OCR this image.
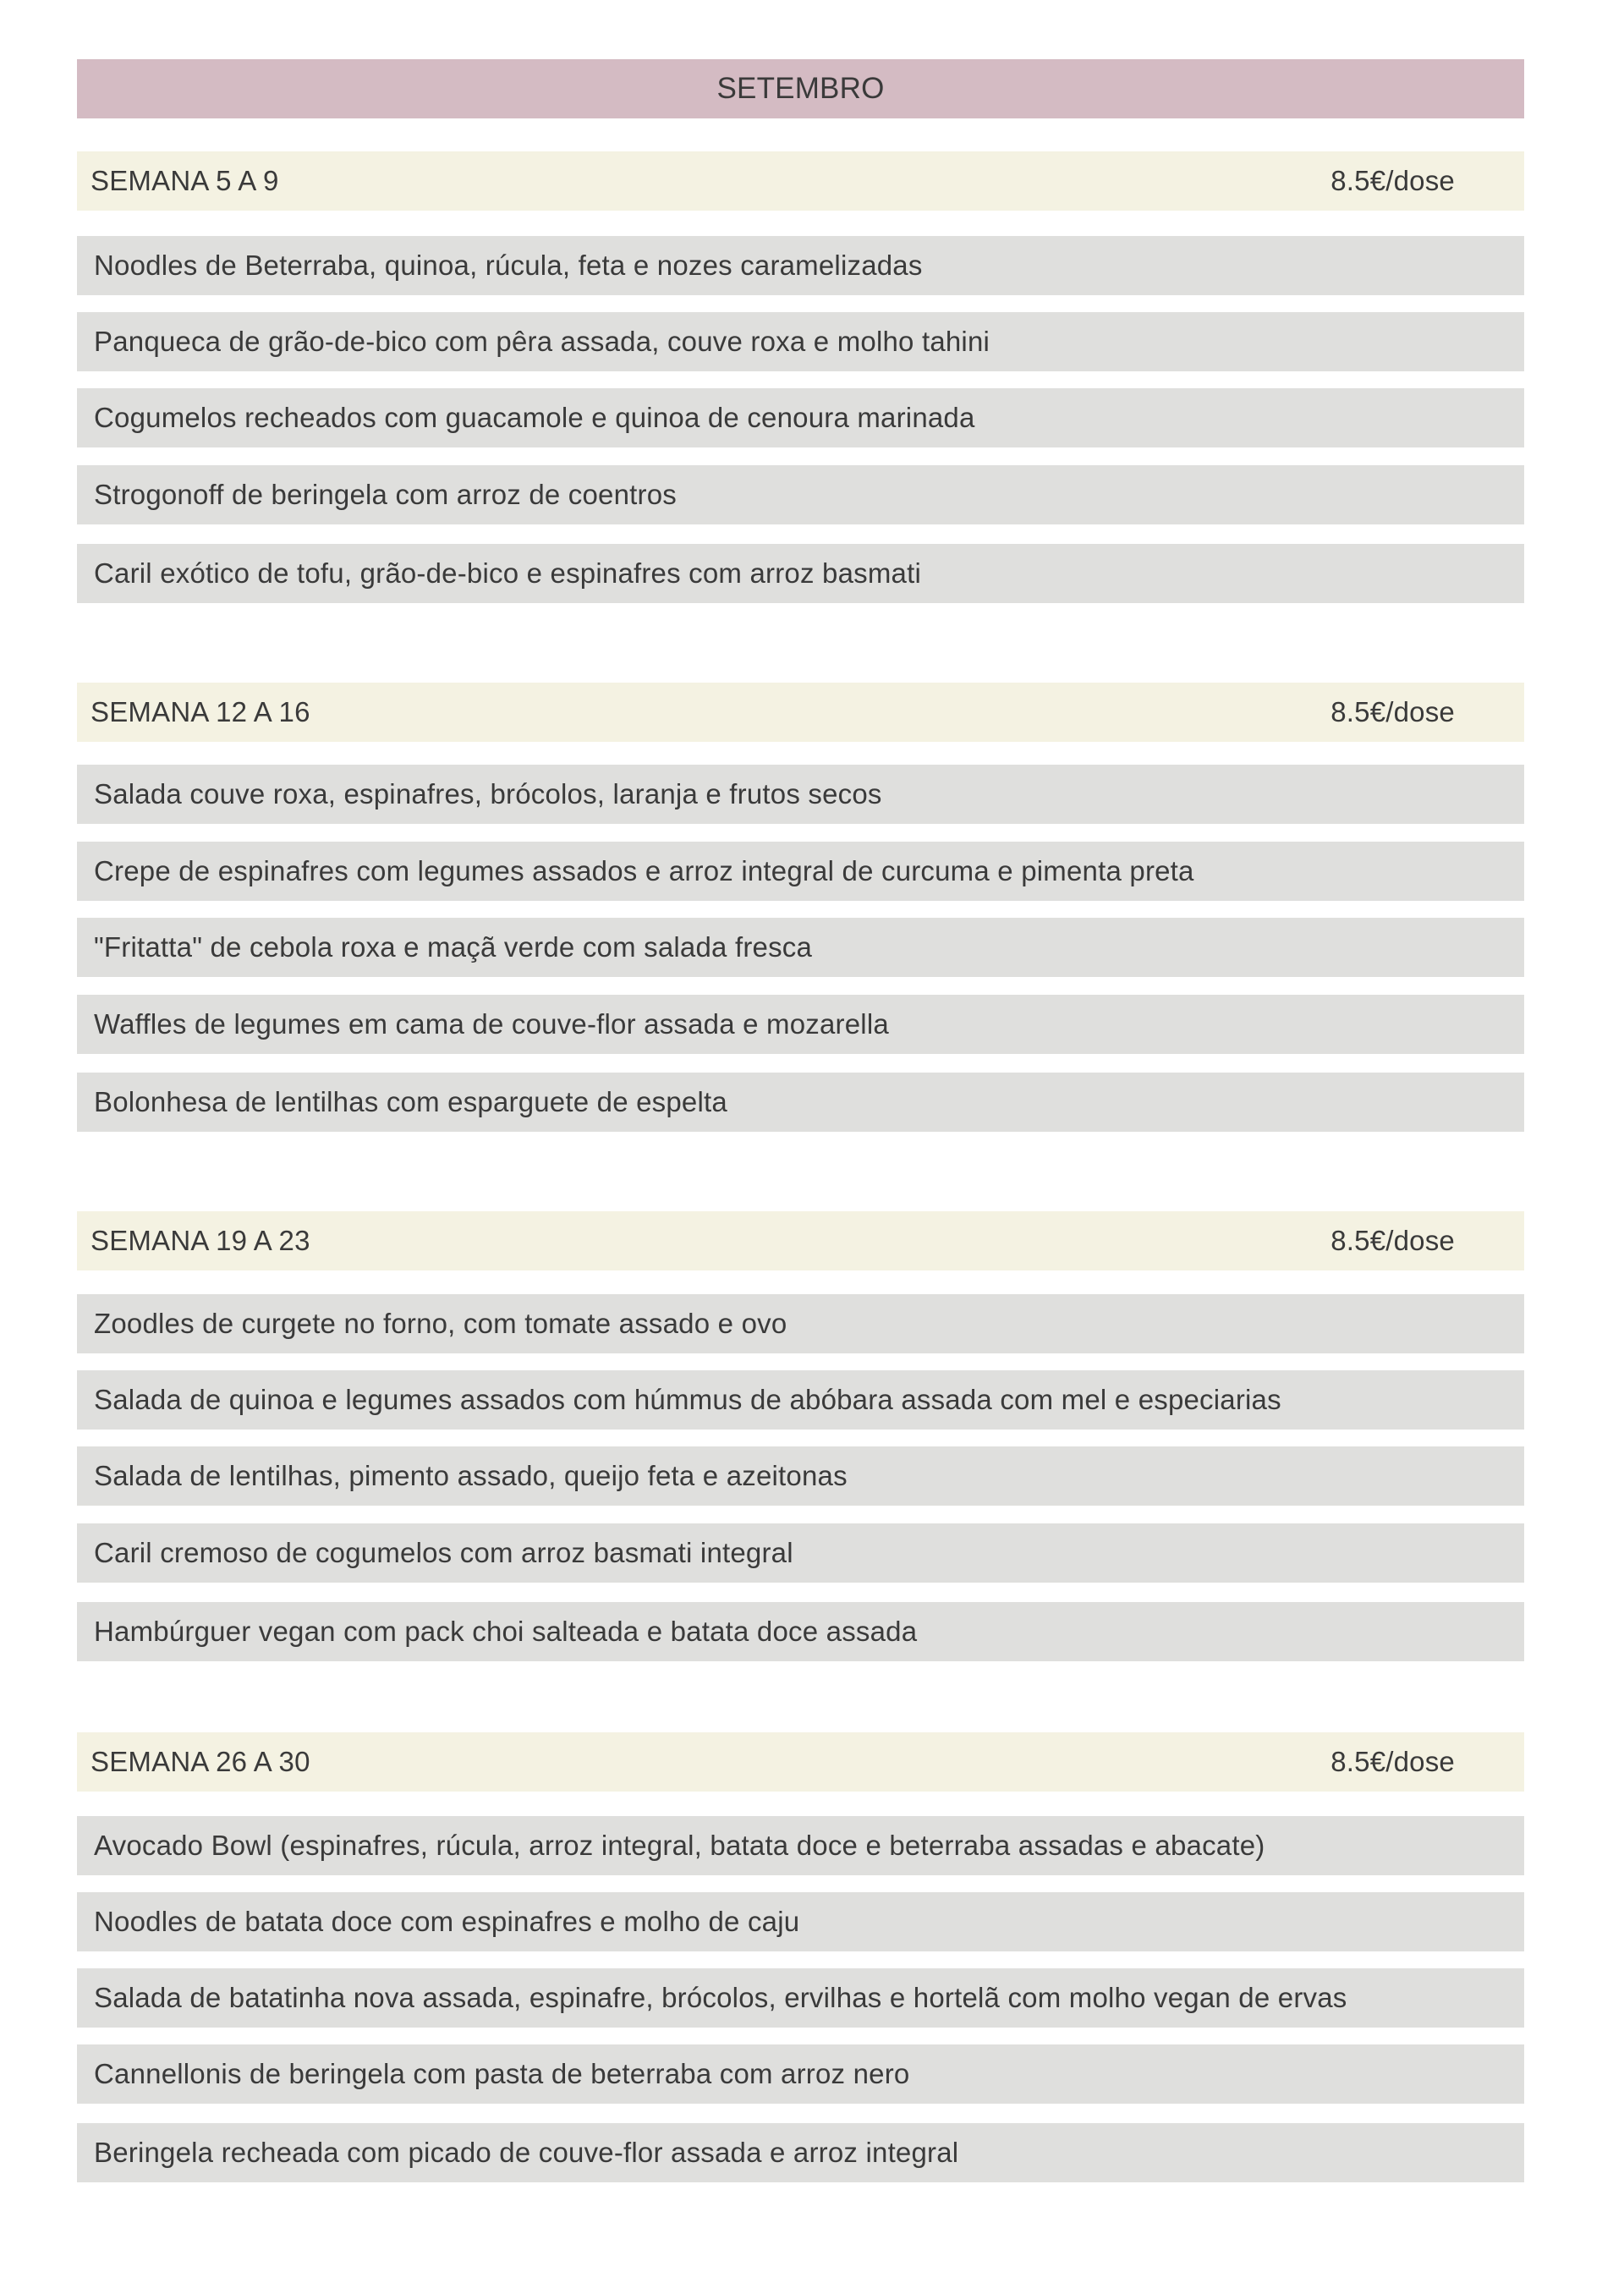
SETEMBRO
SEMANA 5 A 9	8.5€/dose
Noodles de Beterraba, quinoa, rúcula, feta e nozes caramelizadas
Panqueca de grão-de-bico com pêra assada, couve roxa e molho tahini
Cogumelos recheados com guacamole e quinoa de cenoura marinada
Strogonoff de beringela com arroz de coentros
Caril exótico de tofu, grão-de-bico e espinafres com arroz basmati
SEMANA 12 A 16	8.5€/dose
Salada couve roxa, espinafres, brócolos, laranja e frutos secos
Crepe de espinafres com legumes assados e arroz integral de curcuma e pimenta preta
"Fritatta" de cebola roxa e maçã verde com salada fresca
Waffles de legumes em cama de couve-flor assada e mozarella
Bolonhesa de lentilhas com esparguete de espelta
SEMANA 19 A 23	8.5€/dose
Zoodles de curgete no forno, com tomate assado e ovo
Salada de quinoa e legumes assados com húmmus de abóbara assada com mel e especiarias
Salada de lentilhas, pimento assado, queijo feta e azeitonas
Caril cremoso de cogumelos com arroz basmati integral
Hambúrguer vegan com pack choi salteada e batata doce assada
SEMANA 26 A 30	8.5€/dose
Avocado Bowl (espinafres, rúcula, arroz integral, batata doce e beterraba assadas e abacate)
Noodles de batata doce com espinafres e molho de caju
Salada de batatinha nova assada, espinafre, brócolos, ervilhas e hortelã com molho vegan de ervas
Cannellonis de beringela com pasta de beterraba com arroz nero
Beringela recheada com picado de couve-flor assada e arroz integral
